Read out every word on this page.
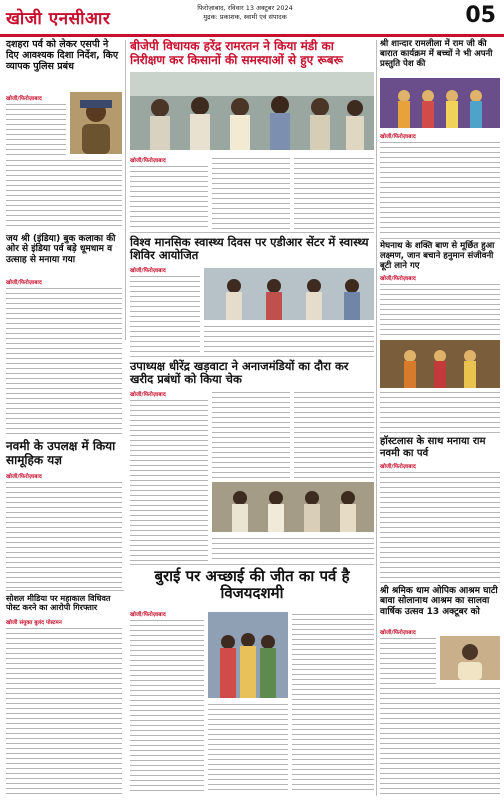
खोजी एनसीआर
फिरोज़ाबाद, रविवार 13 अक्टूबर 2024
मुद्रक: प्रकाशक, स्वामी एवं संपादक	05
दशहरा पर्व को लेकर एसपी ने दिए आवश्यक दिशा निर्देश, किए व्यापक पुलिस प्रबंध
खोजी/फिरोज़ाबाद
जय श्री (इंडिया) बुक कलाका की ओर से इंडिया पर्व बड़े धूमधाम व उत्साह से मनाया गया
खोजी/फिरोज़ाबाद
नवमी के उपलक्ष में किया सामूहिक यज्ञ
खोजी/फिरोज़ाबाद
सोशल मीडिया पर महाकाल विधिवत पोस्ट करने का आरोपी गिरफ्तार
खोजी संयुक्त बुलंद पोस्टमन
बीजेपी विधायक हरेंद्र रामरतन ने किया मंडी का निरीक्षण कर किसानों की समस्याओं से हुए रूबरू
खोजी/फिरोज़ाबाद
विश्व मानसिक स्वास्थ्य दिवस पर एडीआर सेंटर में स्वास्थ्य शिविर आयोजित
खोजी/फिरोज़ाबाद
उपाध्यक्ष धीरेंद्र खड़वाटा ने अनाजमंडियों का दौरा कर खरीद प्रबंधों को किया चेक
खोजी/फिरोज़ाबाद
बुराई पर अच्छाई की जीत का पर्व है विजयदशमी
खोजी/फिरोज़ाबाद
श्री शान्दार रामलीला में राम जी की बारात कार्यक्रम में बच्चों ने भी अपनी प्रस्तुति पेश की
खोजी/फिरोज़ाबाद
मेघनाथ के शक्ति बाण से मूर्छित हुआ लक्ष्मण, जान बचाने हनुमान संजीवनी बूटी लाने गए
खोजी/फिरोज़ाबाद
हॉस्टलास के साथ मनाया राम नवमी का पर्व
खोजी/फिरोज़ाबाद
श्री श्रमिक धाम ओपिक आश्रम घाटी बावा सोलानाथ आश्रम का सालवा वार्षिक उत्सव 13 अक्टूबर को
खोजी/फिरोज़ाबाद
